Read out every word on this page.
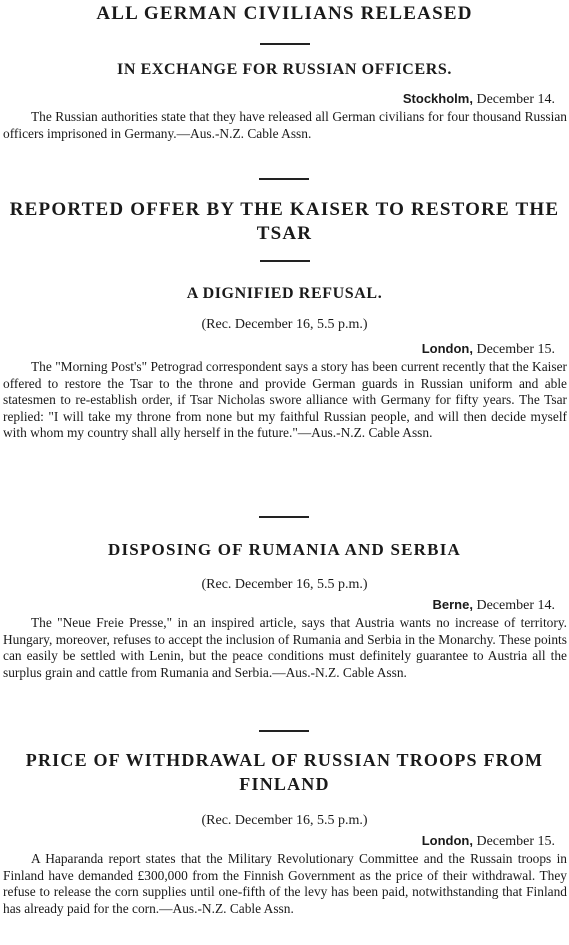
ALL GERMAN CIVILIANS RELEASED
IN EXCHANGE FOR RUSSIAN OFFICERS.

Stockholm, December 14.

The Russian authorities state that they have released all German civilians for four thousand Russian officers imprisoned in Germany.—Aus.-N.Z. Cable Assn.

REPORTED OFFER BY THE KAISER TO RESTORE THE TSAR
A DIGNIFIED REFUSAL.

(Rec. December 16, 5.5 p.m.)

London, December 15.

The "Morning Post's" Petrograd correspondent says a story has been current recently that the Kaiser offered to restore the Tsar to the throne and provide German guards in Russian uniform and able statesmen to re-establish order, if Tsar Nicholas swore alliance with Germany for fifty years. The Tsar replied: "I will take my throne from none but my faithful Russian people, and will then decide myself with whom my country shall ally herself in the future."—Aus.-N.Z. Cable Assn.

DISPOSING OF RUMANIA AND SERBIA

(Rec. December 16, 5.5 p.m.)

Berne, December 14.

The "Neue Freie Presse," in an inspired article, says that Austria wants no increase of territory. Hungary, moreover, refuses to accept the inclusion of Rumania and Serbia in the Monarchy. These points can easily be settled with Lenin, but the peace conditions must definitely guarantee to Austria all the surplus grain and cattle from Rumania and Serbia.—Aus.-N.Z. Cable Assn.

PRICE OF WITHDRAWAL OF RUSSIAN TROOPS FROM FINLAND

(Rec. December 16, 5.5 p.m.)

London, December 15.

A Haparanda report states that the Military Revolutionary Committee and the Russain troops in Finland have demanded £300,000 from the Finnish Government as the price of their withdrawal. They refuse to release the corn supplies until one-fifth of the levy has been paid, notwithstanding that Finland has already paid for the corn.—Aus.-N.Z. Cable Assn.
